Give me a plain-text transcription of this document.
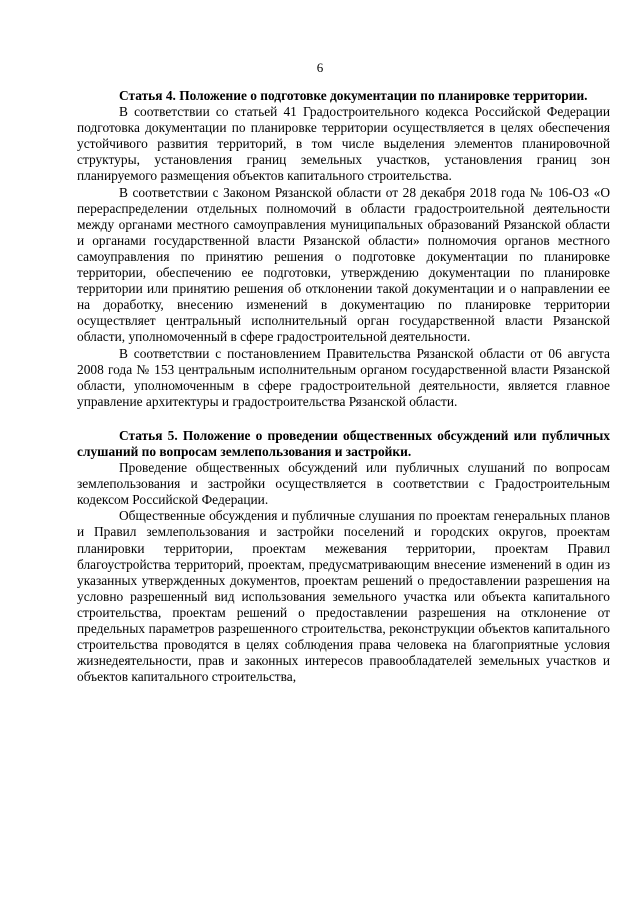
6

Статья 4. Положение о подготовке документации по планировке территории.

В соответствии со статьей 41 Градостроительного кодекса Российской Федерации подготовка документации по планировке территории осуществляется в целях обеспечения устойчивого развития территорий, в том числе выделения элементов планировочной структуры, установления границ земельных участков, установления границ зон планируемого размещения объектов капитального строительства.

В соответствии с Законом Рязанской области от 28 декабря 2018 года № 106-ОЗ «О перераспределении отдельных полномочий в области градостроительной деятельности между органами местного самоуправления муниципальных образований Рязанской области и органами государственной власти Рязанской области» полномочия органов местного самоуправления по принятию решения о подготовке документации по планировке территории, обеспечению ее подготовки, утверждению документации по планировке территории или принятию решения об отклонении такой документации и о направлении ее на доработку, внесению изменений в документацию по планировке территории осуществляет центральный исполнительный орган государственной власти Рязанской области, уполномоченный в сфере градостроительной деятельности.

В соответствии с постановлением Правительства Рязанской области от 06 августа 2008 года № 153 центральным исполнительным органом государственной власти Рязанской области, уполномоченным в сфере градостроительной деятельности, является главное управление архитектуры и градостроительства Рязанской области.

Статья 5. Положение о проведении общественных обсуждений или публичных слушаний по вопросам землепользования и застройки.

Проведение общественных обсуждений или публичных слушаний по вопросам землепользования и застройки осуществляется в соответствии с Градостроительным кодексом Российской Федерации.

Общественные обсуждения и публичные слушания по проектам генеральных планов и Правил землепользования и застройки поселений и городских округов, проектам планировки территории, проектам межевания территории, проектам Правил благоустройства территорий, проектам, предусматривающим внесение изменений в один из указанных утвержденных документов, проектам решений о предоставлении разрешения на условно разрешенный вид использования земельного участка или объекта капитального строительства, проектам решений о предоставлении разрешения на отклонение от предельных параметров разрешенного строительства, реконструкции объектов капитального строительства проводятся в целях соблюдения права человека на благоприятные условия жизнедеятельности, прав и законных интересов правообладателей земельных участков и объектов капитального строительства,
